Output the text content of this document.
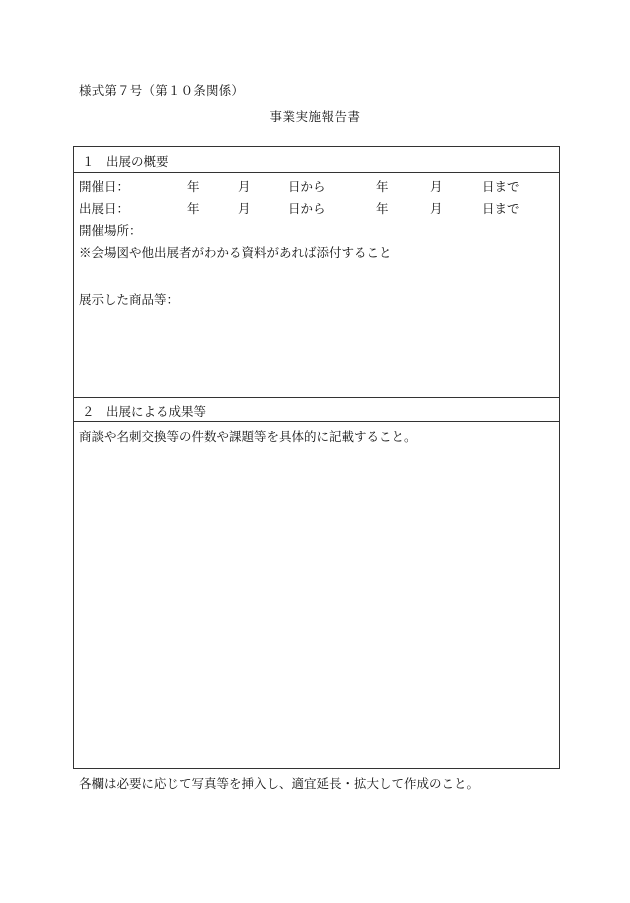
様式第７号（第１０条関係）
事業実施報告書
１ 出展の概要
開催日：	年	月	日から	年	月	日まで
出展日：	年	月	日から	年	月	日まで
開催場所：
※会場図や他出展者がわかる資料があれば添付すること
展示した商品等：
２ 出展による成果等
商談や名刺交換等の件数や課題等を具体的に記載すること。
各欄は必要に応じて写真等を挿入し、適宜延長・拡大して作成のこと。
